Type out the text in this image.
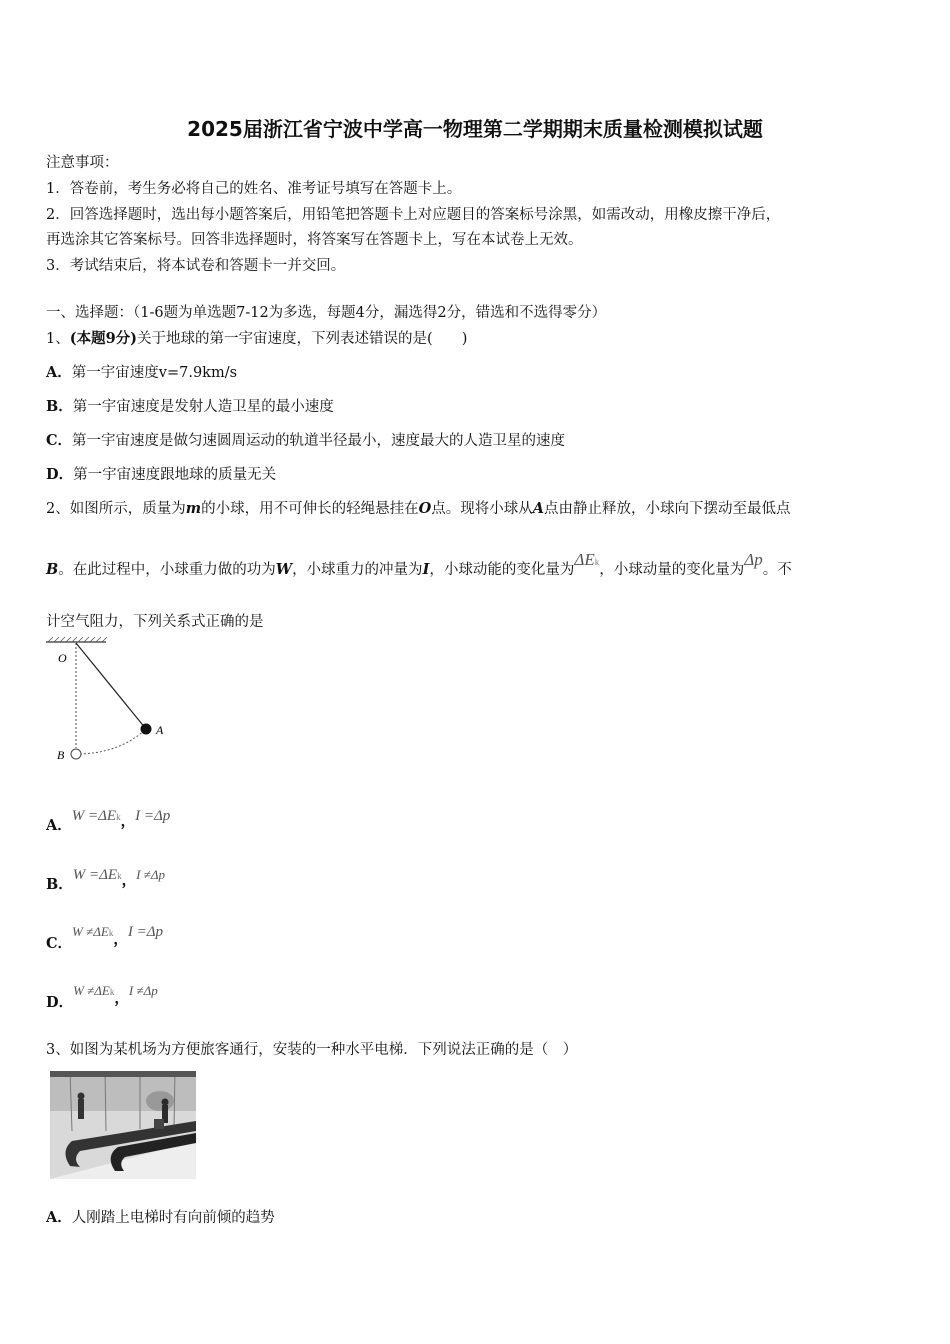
2025届浙江省宁波中学高一物理第二学期期末质量检测模拟试题
注意事项：
1．答卷前，考生务必将自己的姓名、准考证号填写在答题卡上。
2．回答选择题时，选出每小题答案后，用铅笔把答题卡上对应题目的答案标号涂黑，如需改动，用橡皮擦干净后，
再选涂其它答案标号。回答非选择题时，将答案写在答题卡上，写在本试卷上无效。
3．考试结束后，将本试卷和答题卡一并交回。
一、选择题：（1-6题为单选题7-12为多选，每题4分，漏选得2分，错选和不选得零分）
1、(本题9分)关于地球的第一宇宙速度，下列表述错误的是(　　)
A．第一宇宙速度v=7.9km/s
B．第一宇宙速度是发射人造卫星的最小速度
C．第一宇宙速度是做匀速圆周运动的轨道半径最小，速度最大的人造卫星的速度
D．第一宇宙速度跟地球的质量无关
2、如图所示，质量为m的小球，用不可伸长的轻绳悬挂在O点。现将小球从A点由静止释放，小球向下摆动至最低点
B。在此过程中，小球重力做的功为W，小球重力的冲量为I，小球动能的变化量为ΔEk，小球动量的变化量为Δp。不
计空气阻力，下列关系式正确的是
O
A
B
A．W =ΔEk，I =Δp
B．W =ΔEk，I ≠Δp
C．W ≠ΔEk，I =Δp
D．W ≠ΔEk，I ≠Δp
3、如图为某机场为方便旅客通行，安装的一种水平电梯．下列说法正确的是（　）
A．人刚踏上电梯时有向前倾的趋势
